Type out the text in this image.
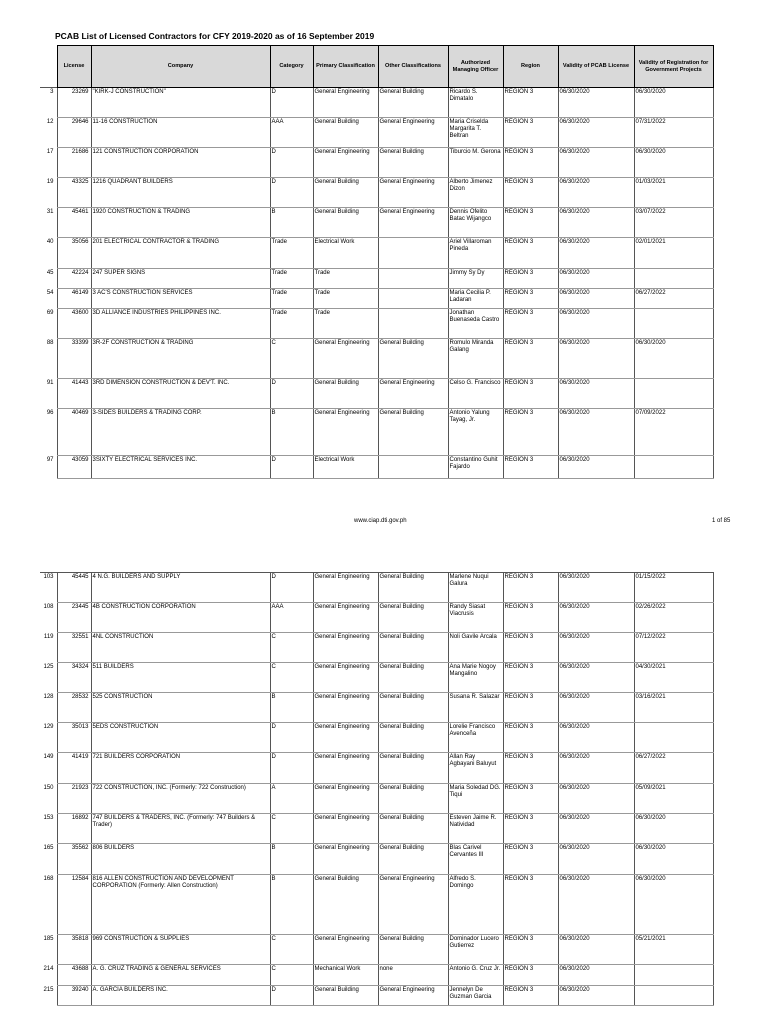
PCAB List of Licensed Contractors for CFY 2019-2020 as of 16 September 2019
	License	Company	Category	Primary Classification	Other Classifications	Authorized Managing Officer	Region	Validity of PCAB License	Validity of Registration for Government Projects
3	23269	"KIRK-J CONSTRUCTION"	D	General Engineering	General Building	Ricardo S. Dimatalo	REGION 3	06/30/2020	06/30/2020
12	29646	11-16 CONSTRUCTION	AAA	General Building	General Engineering	Maria Criselda Margarita T. Beltran	REGION 3	06/30/2020	07/31/2022
17	21686	121 CONSTRUCTION CORPORATION	D	General Engineering	General Building	Tiburcio M. Gerona	REGION 3	06/30/2020	06/30/2020
19	43325	1216 QUADRANT BUILDERS	D	General Building	General Engineering	Alberto Jimenez Dizon	REGION 3	06/30/2020	01/03/2021
31	45461	1920 CONSTRUCTION & TRADING	B	General Building	General Engineering	Dennis Ofelito Batac Wijangco	REGION 3	06/30/2020	03/07/2022
40	35056	201 ELECTRICAL CONTRACTOR & TRADING	Trade	Electrical Work		Ariel Villaroman Pineda	REGION 3	06/30/2020	02/01/2021
45	42224	247 SUPER SIGNS	Trade	Trade		Jimmy Sy Dy	REGION 3	06/30/2020	
54	46149	3 AC'S CONSTRUCTION SERVICES	Trade	Trade		Maria Cecilia P. Ladaran	REGION 3	06/30/2020	06/27/2022
69	43600	3D ALLIANCE INDUSTRIES PHILIPPINES INC.	Trade	Trade		Jonathan Buenaseda Castro	REGION 3	06/30/2020	
88	33399	3R-2F CONSTRUCTION & TRADING	C	General Engineering	General Building	Romulo Miranda Galang	REGION 3	06/30/2020	06/30/2020
91	41443	3RD DIMENSION CONSTRUCTION & DEV'T. INC.	D	General Building	General Engineering	Celso G. Francisco	REGION 3	06/30/2020	
96	40469	3-SIDES BUILDERS & TRADING CORP.	B	General Engineering	General Building	Antonio Yalung Tayag, Jr.	REGION 3	06/30/2020	07/09/2022
97	43059	3SIXTY ELECTRICAL SERVICES INC.	D	Electrical Work		Constantino Guhit Fajardo	REGION 3	06/30/2020	
www.ciap.dti.gov.ph	1 of 85
103	45445	4 N.G. BUILDERS AND SUPPLY	D	General Engineering	General Building	Marlene Nuqui Galura	REGION 3	06/30/2020	01/15/2022
108	23445	4B CONSTRUCTION CORPORATION	AAA	General Engineering	General Building	Randy Siasat Viacrusis	REGION 3	06/30/2020	02/26/2022
119	32551	4NL CONSTRUCTION	C	General Engineering	General Building	Noli Gavile Arcala	REGION 3	06/30/2020	07/12/2022
125	34324	511 BUILDERS	C	General Engineering	General Building	Ana Marie Nogoy Mangalino	REGION 3	06/30/2020	04/30/2021
128	28532	525 CONSTRUCTION	B	General Engineering	General Building	Susana R. Salazar	REGION 3	06/30/2020	03/16/2021
129	35013	5EDS CONSTRUCTION	D	General Engineering	General Building	Lorelie Francisco Avenceña	REGION 3	06/30/2020	
149	41419	721 BUILDERS CORPORATION	D	General Engineering	General Building	Allan Ray Agbayani Baluyut	REGION 3	06/30/2020	06/27/2022
150	21923	722 CONSTRUCTION, INC. (Formerly: 722 Construction)	A	General Engineering	General Building	Maria Soledad DG. Tiqui	REGION 3	06/30/2020	05/09/2021
153	16892	747 BUILDERS & TRADERS, INC. (Formerly: 747 Builders & Trader)	C	General Engineering	General Building	Esteven Jaime R. Natividad	REGION 3	06/30/2020	06/30/2020
165	35562	806 BUILDERS	B	General Engineering	General Building	Blas Carivel Cervantes III	REGION 3	06/30/2020	06/30/2020
168	12584	816 ALLEN CONSTRUCTION AND DEVELOPMENT CORPORATION (Formerly: Allen Construction)	B	General Building	General Engineering	Alfredo S. Domingo	REGION 3	06/30/2020	06/30/2020
185	35818	969 CONSTRUCTION & SUPPLIES	C	General Engineering	General Building	Dominador Lucero Gutierrez	REGION 3	06/30/2020	05/21/2021
214	43688	A. G. CRUZ TRADING & GENERAL SERVICES	C	Mechanical Work	none	Antonio G. Cruz Jr.	REGION 3	06/30/2020	
215	39240	A. GARCIA BUILDERS INC.	D	General Building	General Engineering	Jennelyn De Guzman Garcia	REGION 3	06/30/2020	
